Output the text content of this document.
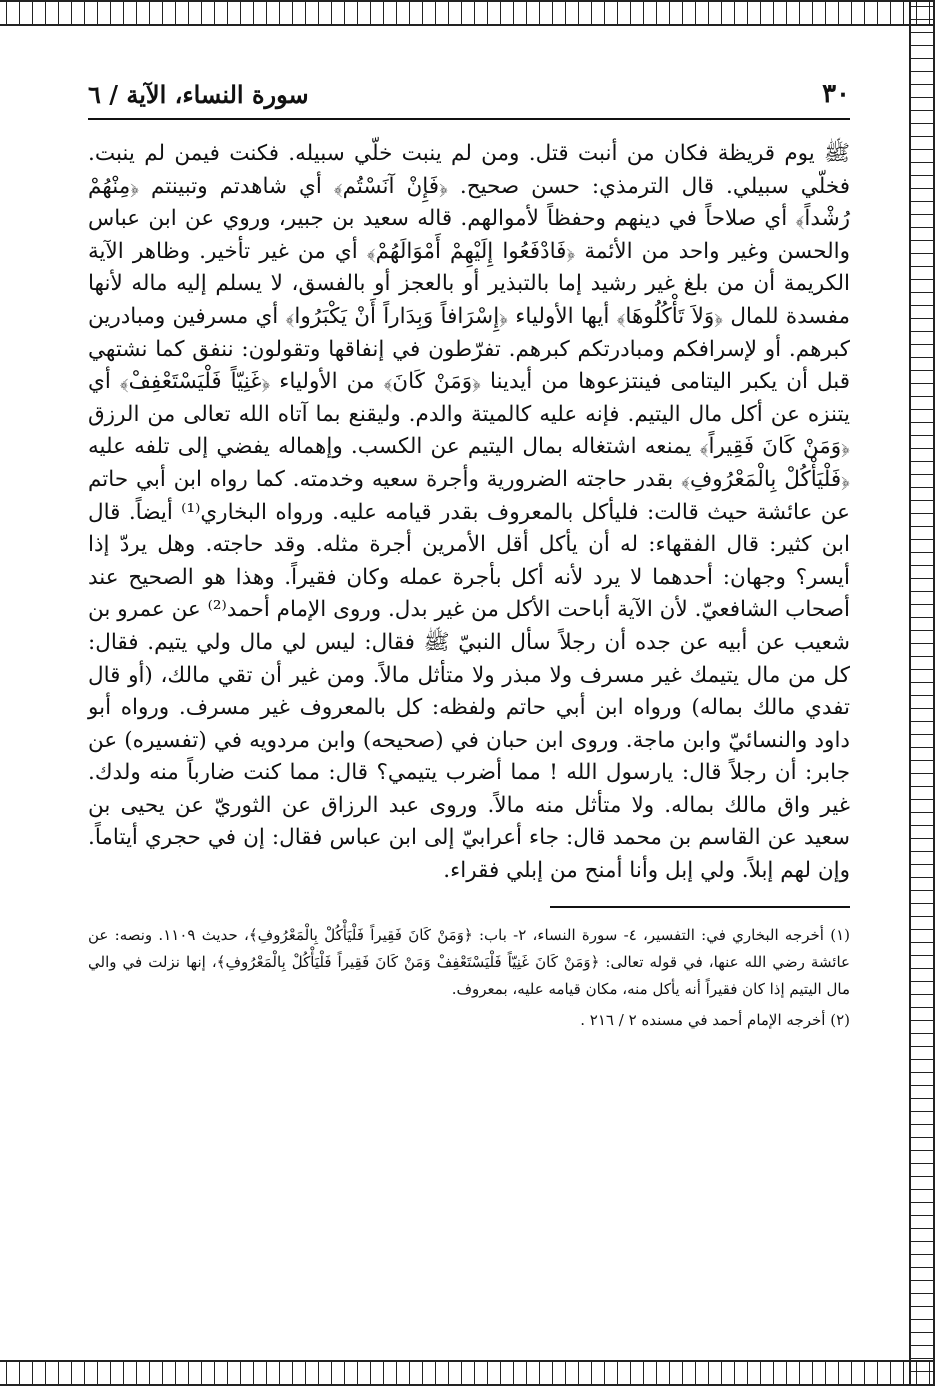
٣٠
سورة النساء، الآية / ٦

ﷺ يوم قريظة فكان من أنبت قتل. ومن لم ينبت خلّي سبيله. فكنت فيمن لم ينبت. فخلّي سبيلي. قال الترمذي: حسن صحيح. ﴿فَإِنْ آنَسْتُم﴾ أي شاهدتم وتبينتم ﴿مِنْهُمْ رُشْداً﴾ أي صلاحاً في دينهم وحفظاً لأموالهم. قاله سعيد بن جبير، وروي عن ابن عباس والحسن وغير واحد من الأئمة ﴿فَادْفَعُوا إِلَيْهِمْ أَمْوَالَهُمْ﴾ أي من غير تأخير. وظاهر الآية الكريمة أن من بلغ غير رشيد إما بالتبذير أو بالعجز أو بالفسق، لا يسلم إليه ماله لأنها مفسدة للمال ﴿وَلاَ تَأْكُلُوهَا﴾ أيها الأولياء ﴿إِسْرَافاً وَبِدَاراً أَنْ يَكْبَرُوا﴾ أي مسرفين ومبادرين كبرهم. أو لإسرافكم ومبادرتكم كبرهم. تفرّطون في إنفاقها وتقولون: ننفق كما نشتهي قبل أن يكبر اليتامى فينتزعوها من أيدينا ﴿وَمَنْ كَانَ﴾ من الأولياء ﴿غَنِيّاً فَلْيَسْتَعْفِفْ﴾ أي يتنزه عن أكل مال اليتيم. فإنه عليه كالميتة والدم. وليقنع بما آتاه الله تعالى من الرزق ﴿وَمَنْ كَانَ فَقِيراً﴾ يمنعه اشتغاله بمال اليتيم عن الكسب. وإهماله يفضي إلى تلفه عليه ﴿فَلْيَأْكُلْ بِالْمَعْرُوفِ﴾ بقدر حاجته الضرورية وأجرة سعيه وخدمته. كما رواه ابن أبي حاتم عن عائشة حيث قالت: فليأكل بالمعروف بقدر قيامه عليه. ورواه البخاري⁽¹⁾ أيضاً. قال ابن كثير: قال الفقهاء: له أن يأكل أقل الأمرين أجرة مثله. وقد حاجته. وهل يردّ إذا أيسر؟ وجهان: أحدهما لا يرد لأنه أكل بأجرة عمله وكان فقيراً. وهذا هو الصحيح عند أصحاب الشافعيّ. لأن الآية أباحت الأكل من غير بدل. وروى الإمام أحمد⁽²⁾ عن عمرو بن شعيب عن أبيه عن جده أن رجلاً سأل النبيّ ﷺ فقال: ليس لي مال ولي يتيم. فقال: كل من مال يتيمك غير مسرف ولا مبذر ولا متأثل مالاً. ومن غير أن تقي مالك، (أو قال تفدي مالك بماله) ورواه ابن أبي حاتم ولفظه: كل بالمعروف غير مسرف. ورواه أبو داود والنسائيّ وابن ماجة. وروى ابن حبان في (صحيحه) وابن مردويه في (تفسيره) عن جابر: أن رجلاً قال: يارسول الله ! مما أضرب يتيمي؟ قال: مما كنت ضارباً منه ولدك. غير واق مالك بماله. ولا متأثل منه مالاً. وروى عبد الرزاق عن الثوريّ عن يحيى بن سعيد عن القاسم بن محمد قال: جاء أعرابيّ إلى ابن عباس فقال: إن في حجري أيتاماً. وإن لهم إبلاً. ولي إبل وأنا أمنح من إبلي فقراء.

(١) أخرجه البخاري في: التفسير، ٤- سورة النساء، ٢- باب: ﴿وَمَنْ كَانَ فَقِيراً فَلْيَأْكُلْ بِالْمَعْرُوفِ﴾، حديث ١١٠٩. ونصه: عن عائشة رضي الله عنها، في قوله تعالى: ﴿وَمَنْ كَانَ غَنِيّاً فَلْيَسْتَعْفِفْ وَمَنْ كَانَ فَقِيراً فَلْيَأْكُلْ بِالْمَعْرُوفِ﴾، إنها نزلت في والي مال اليتيم إذا كان فقيراً أنه يأكل منه، مكان قيامه عليه، بمعروف.

(٢) أخرجه الإمام أحمد في مسنده ٢ / ٢١٦ .
